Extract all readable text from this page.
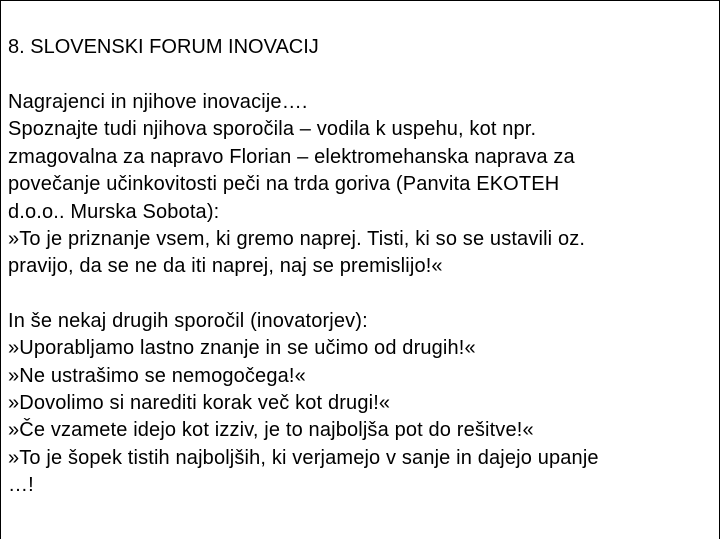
8. SLOVENSKI FORUM INOVACIJ

Nagrajenci in njihove inovacije….
Spoznajte tudi njihova sporočila – vodila k uspehu, kot npr.
zmagovalna za napravo Florian – elektromehanska naprava za
povečanje učinkovitosti peči na trda goriva (Panvita EKOTEH
d.o.o.. Murska Sobota):
»To je priznanje vsem, ki gremo naprej. Tisti, ki so se ustavili oz.
pravijo, da se ne da iti naprej, naj se premislijo!«

In še nekaj drugih sporočil (inovatorjev):
»Uporabljamo lastno znanje in se učimo od drugih!«
»Ne ustrašimo se nemogočega!«
»Dovolimo si narediti korak več kot drugi!«
»Če vzamete idejo kot izziv, je to najboljša pot do rešitve!«
»To je šopek tistih najboljših, ki verjamejo v sanje in dajejo upanje
…!
